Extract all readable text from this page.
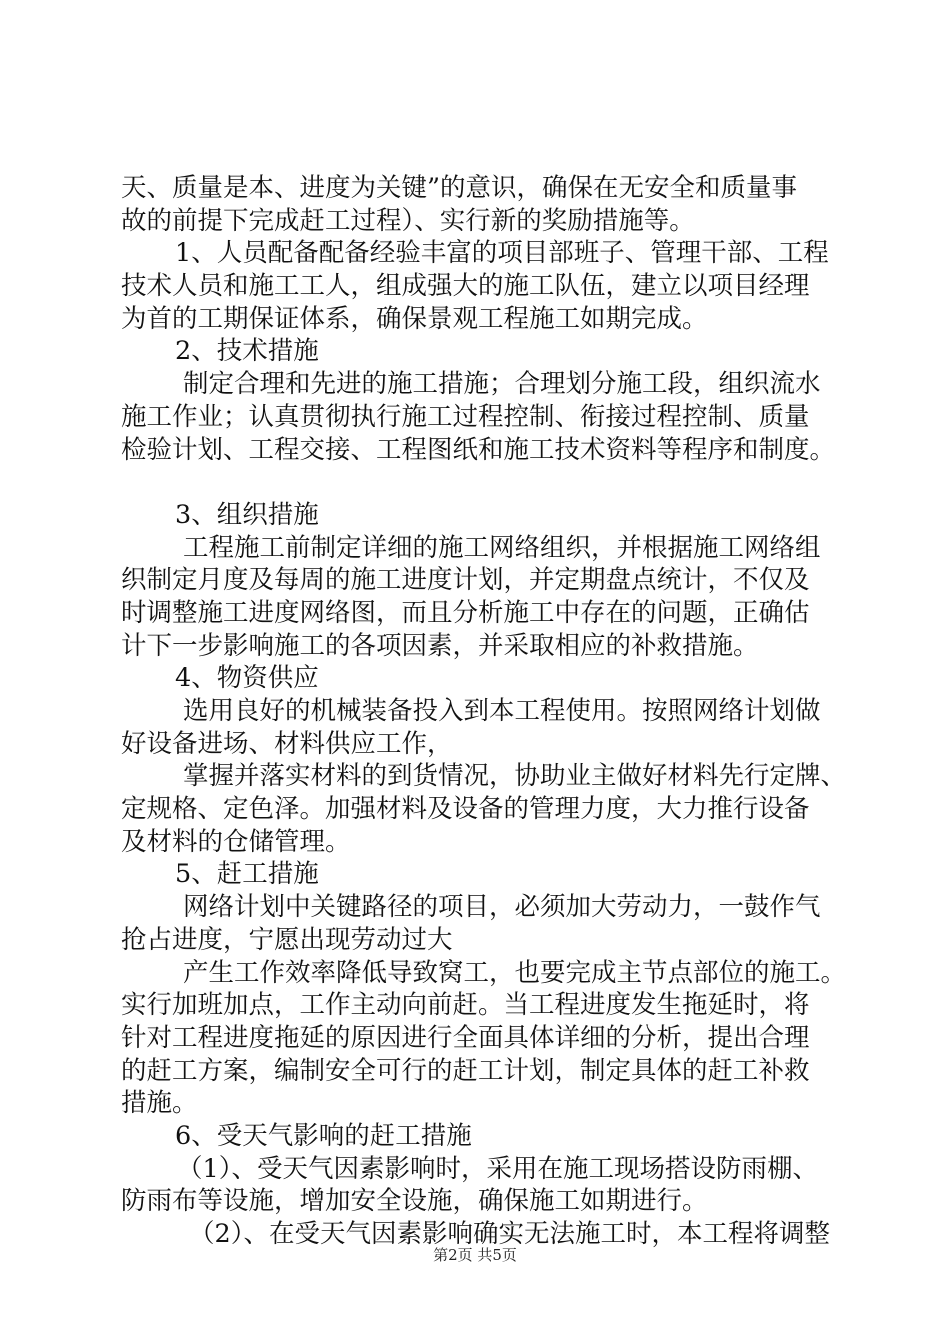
天、质量是本、进度为关键”的意识，确保在无安全和质量事
故的前提下完成赶工过程）、实行新的奖励措施等。
1、人员配备配备经验丰富的项目部班子、管理干部、工程
技术人员和施工工人，组成强大的施工队伍，建立以项目经理
为首的工期保证体系，确保景观工程施工如期完成。
2、技术措施
制定合理和先进的施工措施；合理划分施工段，组织流水
施工作业；认真贯彻执行施工过程控制、衔接过程控制、质量
检验计划、工程交接、工程图纸和施工技术资料等程序和制度。
3、组织措施
工程施工前制定详细的施工网络组织，并根据施工网络组
织制定月度及每周的施工进度计划，并定期盘点统计，不仅及
时调整施工进度网络图，而且分析施工中存在的问题，正确估
计下一步影响施工的各项因素，并采取相应的补救措施。
4、物资供应
选用良好的机械装备投入到本工程使用。按照网络计划做
好设备进场、材料供应工作，
掌握并落实材料的到货情况，协助业主做好材料先行定牌、
定规格、定色泽。加强材料及设备的管理力度，大力推行设备
及材料的仓储管理。
5、赶工措施
网络计划中关键路径的项目，必须加大劳动力，一鼓作气
抢占进度，宁愿出现劳动过大
产生工作效率降低导致窝工，也要完成主节点部位的施工。
实行加班加点，工作主动向前赶。当工程进度发生拖延时，将
针对工程进度拖延的原因进行全面具体详细的分析，提出合理
的赶工方案，编制安全可行的赶工计划，制定具体的赶工补救
措施。
6、受天气影响的赶工措施
（1）、受天气因素影响时，采用在施工现场搭设防雨棚、
防雨布等设施，增加安全设施，确保施工如期进行。
（2）、在受天气因素影响确实无法施工时，本工程将调整
第2页 共5页
